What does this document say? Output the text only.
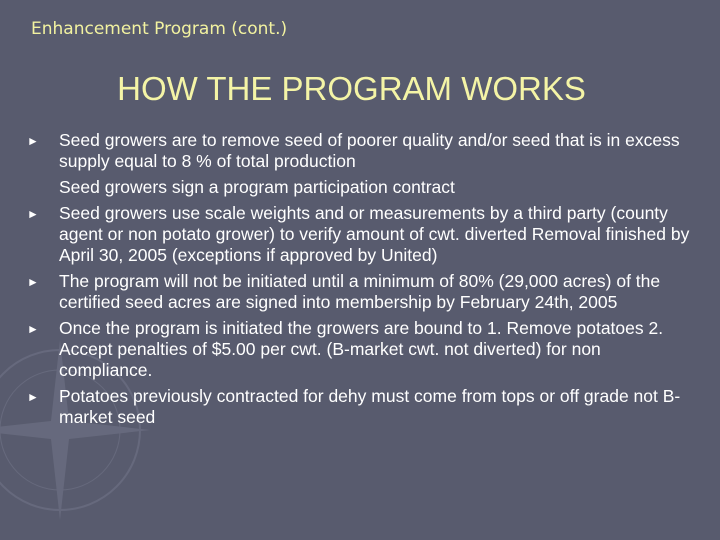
Enhancement Program (cont.)
HOW THE PROGRAM WORKS
► Seed growers are to remove seed of poorer quality and/or seed that is in excess supply equal to 8 % of total production
Seed growers sign a program participation contract
► Seed growers use scale weights and or measurements by a third party (county agent or non potato grower) to verify amount of cwt. diverted Removal finished by April 30, 2005 (exceptions if approved by United)
► The program will not be initiated until a minimum of 80% (29,000 acres) of the certified seed acres are signed into membership by February 24th, 2005
► Once the program is initiated the growers are bound to 1. Remove potatoes 2. Accept penalties of $5.00 per cwt. (B-market cwt. not diverted) for non compliance.
► Potatoes previously contracted for dehy must come from tops or off grade not B-market seed
